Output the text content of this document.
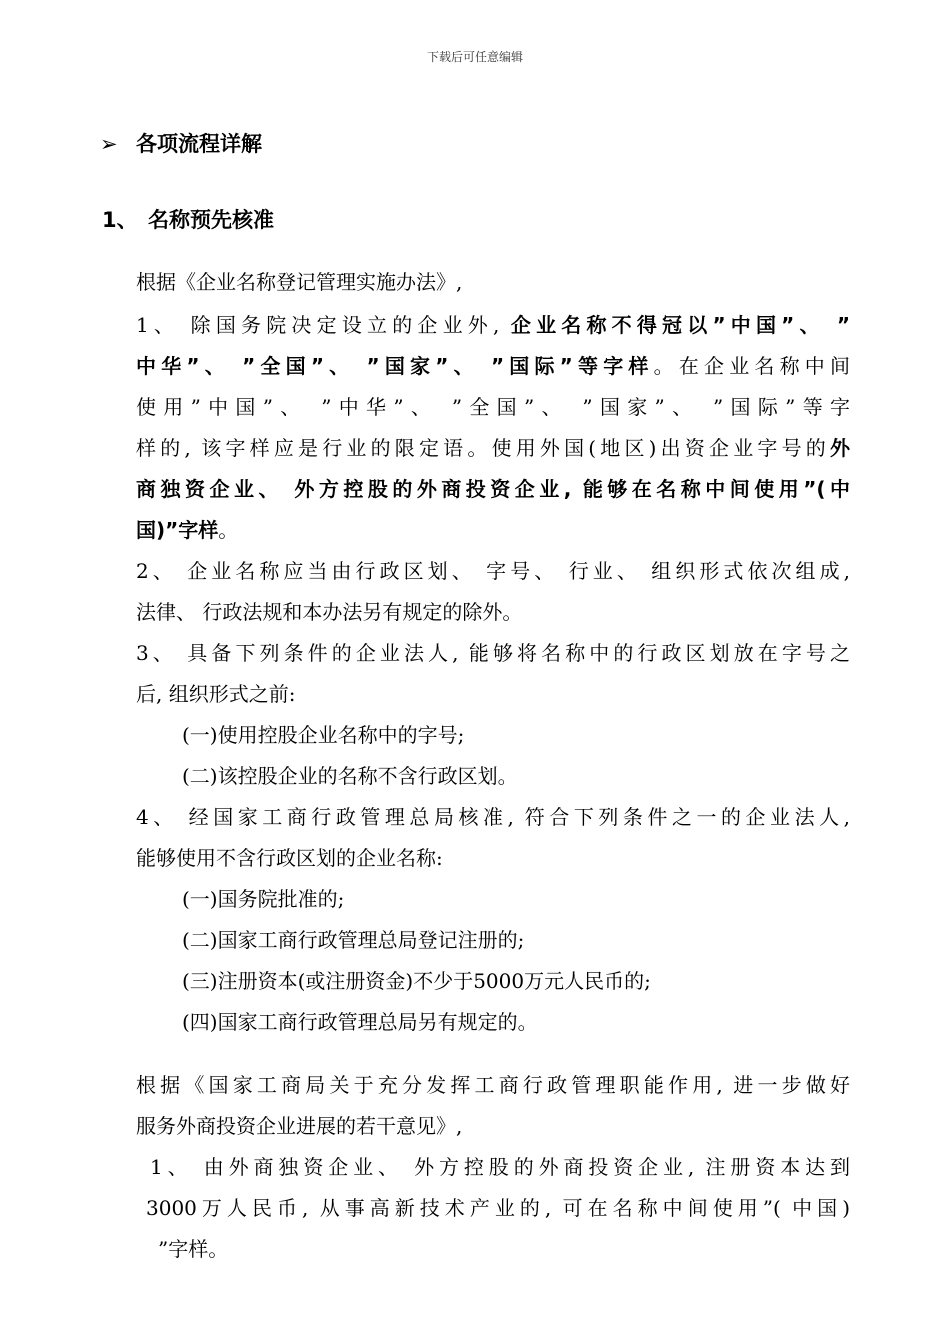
下载后可任意编辑
➢ 各项流程详解
1、 名称预先核准
根据《企业名称登记管理实施办法》,
1、 除国务院决定设立的企业外, 企业名称不得冠以”中国”、 ”
中华”、 ”全国”、 ”国家”、 ”国际”等字样。在企业名称中间
使用”中国”、 ”中华”、 ”全国”、 ”国家”、 ”国际”等字
样的, 该字样应是行业的限定语。使用外国(地区)出资企业字号的外
商独资企业、 外方控股的外商投资企业, 能够在名称中间使用”(中
国)”字样。
2、 企业名称应当由行政区划、 字号、 行业、 组织形式依次组成,
法律、 行政法规和本办法另有规定的除外。
3、 具备下列条件的企业法人, 能够将名称中的行政区划放在字号之
后, 组织形式之前:
(一)使用控股企业名称中的字号;
(二)该控股企业的名称不含行政区划。
4、 经国家工商行政管理总局核准, 符合下列条件之一的企业法人,
能够使用不含行政区划的企业名称:
(一)国务院批准的;
(二)国家工商行政管理总局登记注册的;
(三)注册资本(或注册资金)不少于5000万元人民币的;
(四)国家工商行政管理总局另有规定的。
根据《国家工商局关于充分发挥工商行政管理职能作用, 进一步做好
服务外商投资企业进展的若干意见》,
1、 由外商独资企业、 外方控股的外商投资企业, 注册资本达到
3000万人民币, 从事高新技术产业的, 可在名称中间使用”( 中国)
”字样。
